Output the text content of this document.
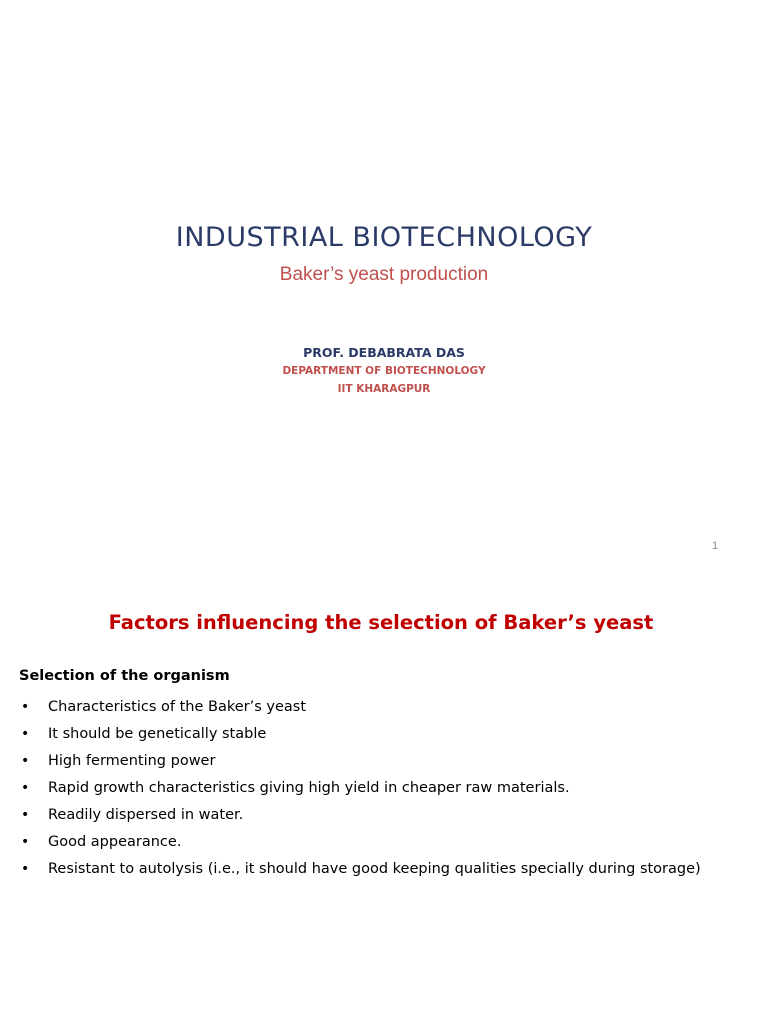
INDUSTRIAL BIOTECHNOLOGY
Baker’s yeast production
PROF. DEBABRATA DAS
DEPARTMENT OF BIOTECHNOLOGY
IIT KHARAGPUR
1
Factors influencing the selection of Baker’s yeast
Selection of the organism
• Characteristics of the Baker’s yeast
• It should be genetically stable
• High fermenting power
• Rapid growth characteristics giving high yield in cheaper raw materials.
• Readily dispersed in water.
• Good appearance.
• Resistant to autolysis (i.e., it should have good keeping qualities specially during storage)
